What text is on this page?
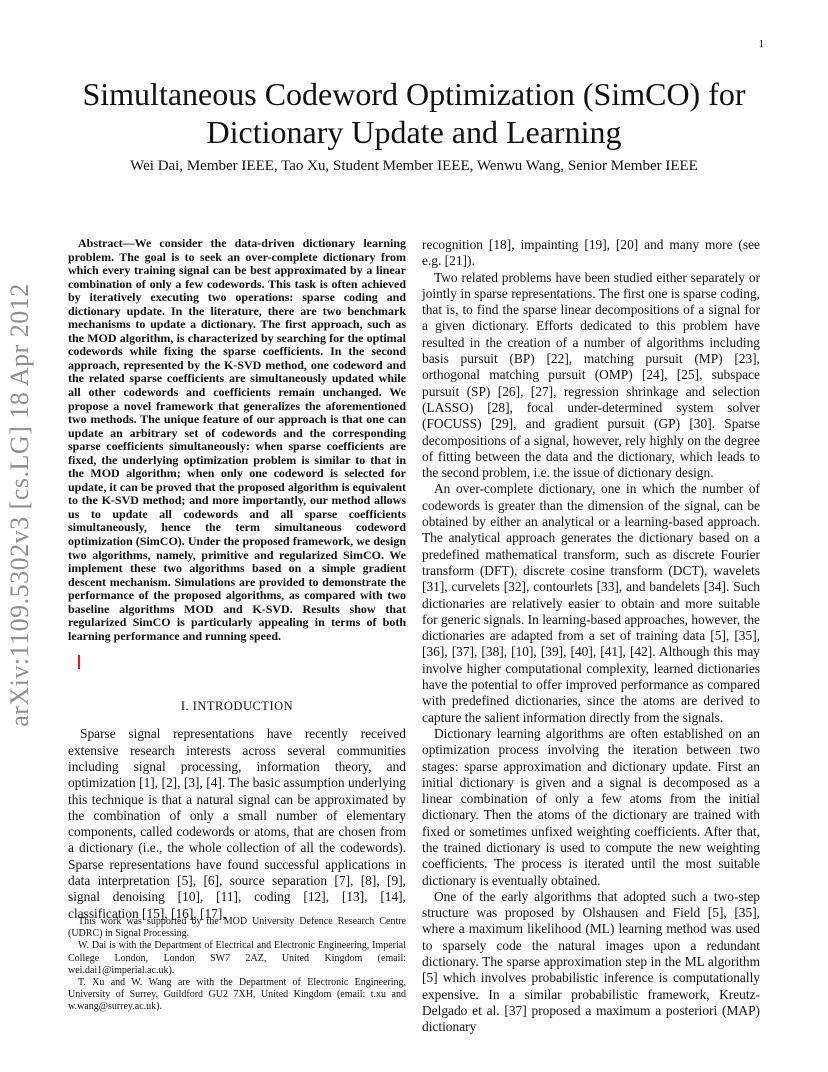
1
arXiv:1109.5302v3 [cs.LG] 18 Apr 2012
Simultaneous Codeword Optimization (SimCO) for Dictionary Update and Learning
Wei Dai, Member IEEE, Tao Xu, Student Member IEEE, Wenwu Wang, Senior Member IEEE

Abstract—We consider the data-driven dictionary learning problem. The goal is to seek an over-complete dictionary from which every training signal can be best approximated by a linear combination of only a few codewords. This task is often achieved by iteratively executing two operations: sparse coding and dictionary update. In the literature, there are two benchmark mechanisms to update a dictionary. The first approach, such as the MOD algorithm, is characterized by searching for the optimal codewords while fixing the sparse coefficients. In the second approach, represented by the K-SVD method, one codeword and the related sparse coefficients are simultaneously updated while all other codewords and coefficients remain unchanged. We propose a novel framework that generalizes the aforementioned two methods. The unique feature of our approach is that one can update an arbitrary set of codewords and the corresponding sparse coefficients simultaneously: when sparse coefficients are fixed, the underlying optimization problem is similar to that in the MOD algorithm; when only one codeword is selected for update, it can be proved that the proposed algorithm is equivalent to the K-SVD method; and more importantly, our method allows us to update all codewords and all sparse coefficients simultaneously, hence the term simultaneous codeword optimization (SimCO). Under the proposed framework, we design two algorithms, namely, primitive and regularized SimCO. We implement these two algorithms based on a simple gradient descent mechanism. Simulations are provided to demonstrate the performance of the proposed algorithms, as compared with two baseline algorithms MOD and K-SVD. Results show that regularized SimCO is particularly appealing in terms of both learning performance and running speed.

I. INTRODUCTION

Sparse signal representations have recently received extensive research interests across several communities including signal processing, information theory, and optimization [1], [2], [3], [4]. The basic assumption underlying this technique is that a natural signal can be approximated by the combination of only a small number of elementary components, called codewords or atoms, that are chosen from a dictionary (i.e., the whole collection of all the codewords). Sparse representations have found successful applications in data interpretation [5], [6], source separation [7], [8], [9], signal denoising [10], [11], coding [12], [13], [14], classification [15], [16], [17],

This work was supported by the MOD University Defence Research Centre (UDRC) in Signal Processing.

W. Dai is with the Department of Electrical and Electronic Engineering, Imperial College London, London SW7 2AZ, United Kingdom (email: wei.dai1@imperial.ac.uk).

T. Xu and W. Wang are with the Department of Electronic Engineering, University of Surrey, Guildford GU2 7XH, United Kingdom (email: t.xu and w.wang@surrey.ac.uk).

recognition [18], impainting [19], [20] and many more (see e.g. [21]).

Two related problems have been studied either separately or jointly in sparse representations. The first one is sparse coding, that is, to find the sparse linear decompositions of a signal for a given dictionary. Efforts dedicated to this problem have resulted in the creation of a number of algorithms including basis pursuit (BP) [22], matching pursuit (MP) [23], orthogonal matching pursuit (OMP) [24], [25], subspace pursuit (SP) [26], [27], regression shrinkage and selection (LASSO) [28], focal under-determined system solver (FOCUSS) [29], and gradient pursuit (GP) [30]. Sparse decompositions of a signal, however, rely highly on the degree of fitting between the data and the dictionary, which leads to the second problem, i.e. the issue of dictionary design.

An over-complete dictionary, one in which the number of codewords is greater than the dimension of the signal, can be obtained by either an analytical or a learning-based approach. The analytical approach generates the dictionary based on a predefined mathematical transform, such as discrete Fourier transform (DFT), discrete cosine transform (DCT), wavelets [31], curvelets [32], contourlets [33], and bandelets [34]. Such dictionaries are relatively easier to obtain and more suitable for generic signals. In learning-based approaches, however, the dictionaries are adapted from a set of training data [5], [35], [36], [37], [38], [10], [39], [40], [41], [42]. Although this may involve higher computational complexity, learned dictionaries have the potential to offer improved performance as compared with predefined dictionaries, since the atoms are derived to capture the salient information directly from the signals.

Dictionary learning algorithms are often established on an optimization process involving the iteration between two stages: sparse approximation and dictionary update. First an initial dictionary is given and a signal is decomposed as a linear combination of only a few atoms from the initial dictionary. Then the atoms of the dictionary are trained with fixed or sometimes unfixed weighting coefficients. After that, the trained dictionary is used to compute the new weighting coefficients. The process is iterated until the most suitable dictionary is eventually obtained.

One of the early algorithms that adopted such a two-step structure was proposed by Olshausen and Field [5], [35], where a maximum likelihood (ML) learning method was used to sparsely code the natural images upon a redundant dictionary. The sparse approximation step in the ML algorithm [5] which involves probabilistic inference is computationally expensive. In a similar probabilistic framework, Kreutz-Delgado et al. [37] proposed a maximum a posteriori (MAP) dictionary
